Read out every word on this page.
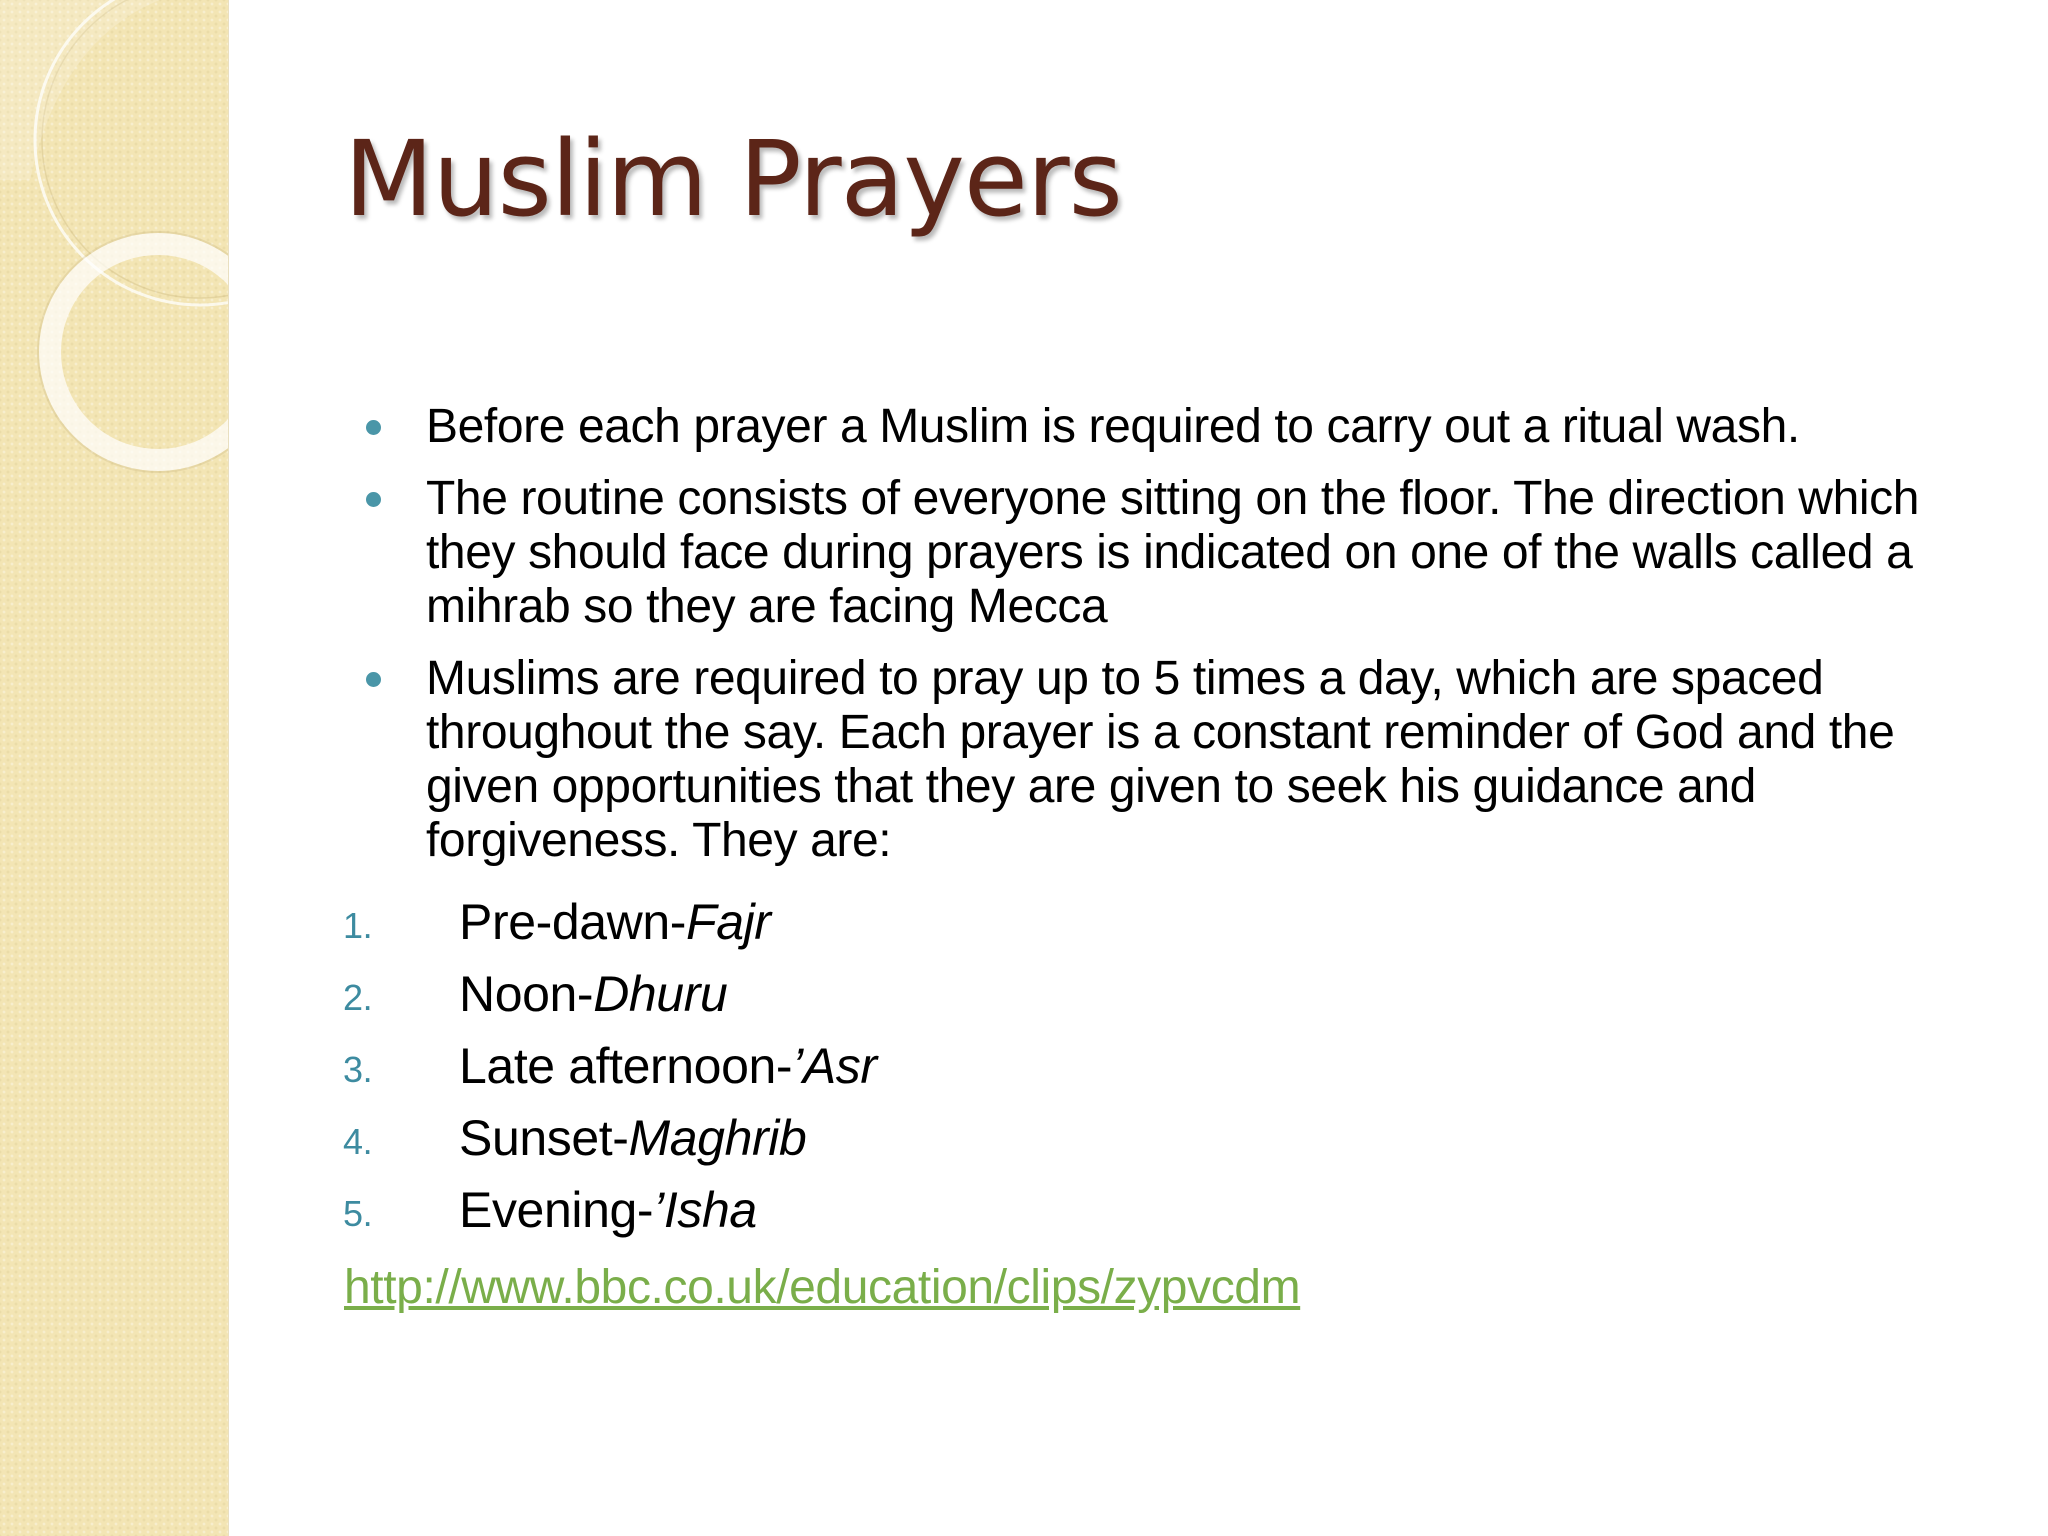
Muslim Prayers
Before each prayer a Muslim is required to carry out a ritual wash.
The routine consists of everyone sitting on the floor. The direction which they should face during prayers is indicated on one of the walls called a mihrab so they are facing Mecca
Muslims are required to pray up to 5 times a day, which are spaced throughout the say. Each prayer is a constant reminder of God and the given opportunities that they are given to seek his guidance and forgiveness. They are:
1. Pre-dawn-Fajr
2. Noon-Dhuru
3. Late afternoon-’Asr
4. Sunset-Maghrib
5. Evening-’Isha
http://www.bbc.co.uk/education/clips/zypvcdm
